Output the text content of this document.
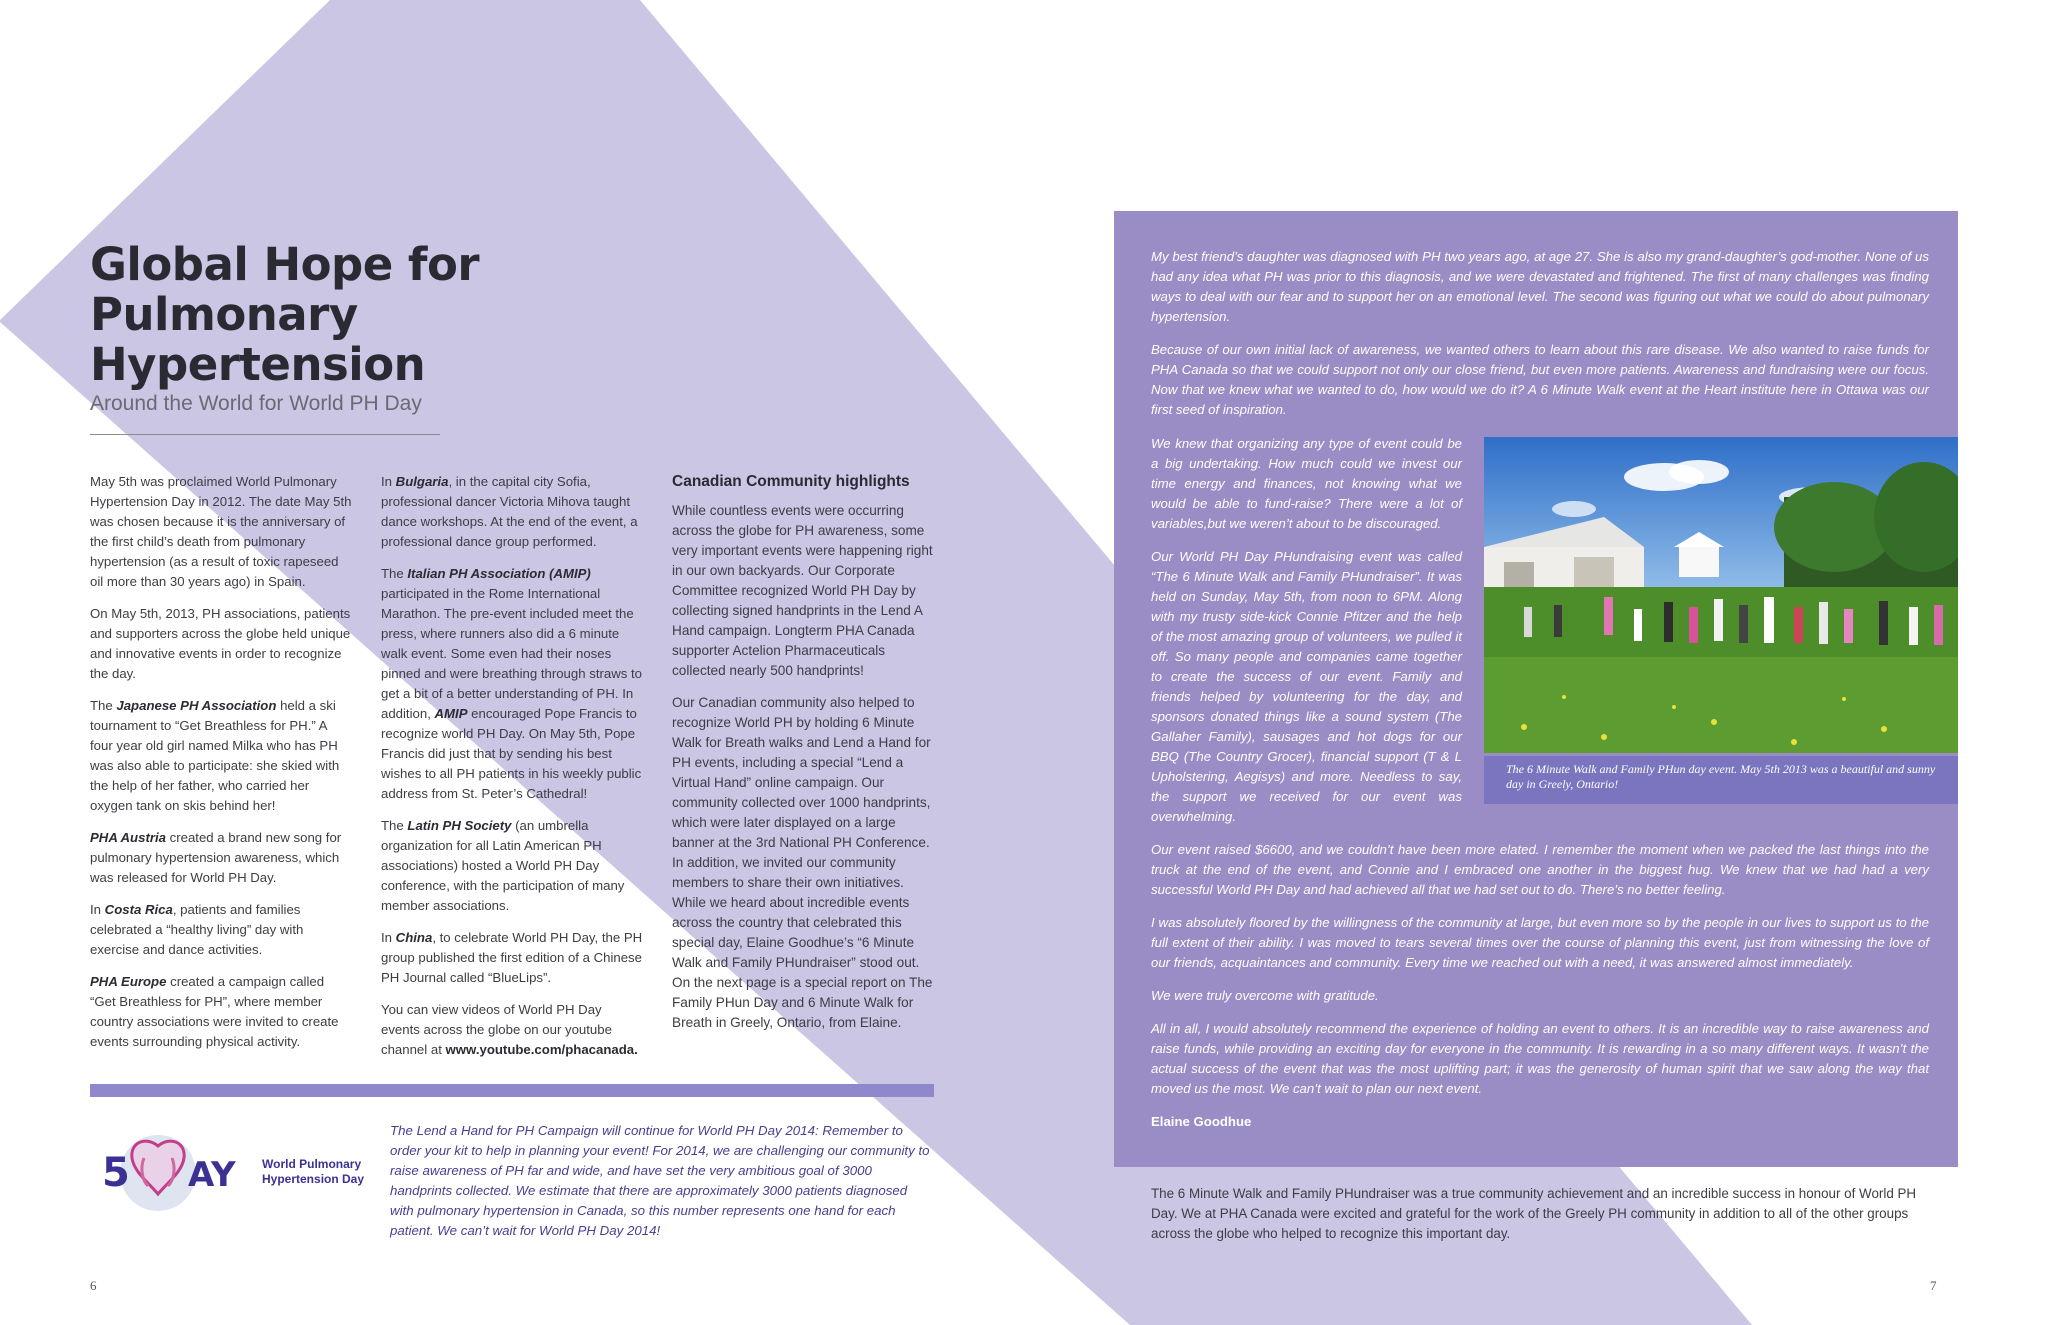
Global Hope for
Pulmonary Hypertension
Around the World for World PH Day

May 5th was proclaimed World Pulmonary Hypertension Day in 2012. The date May 5th was chosen because it is the anniversary of the first child’s death from pulmonary hypertension (as a result of toxic rapeseed oil more than 30 years ago) in Spain.

On May 5th, 2013, PH associations, patients and supporters across the globe held unique and innovative events in order to recognize the day.

The Japanese PH Association held a ski tournament to “Get Breathless for PH.” A four year old girl named Milka who has PH was also able to participate: she skied with the help of her father, who carried her oxygen tank on skis behind her!

PHA Austria created a brand new song for pulmonary hypertension awareness, which was released for World PH Day.

In Costa Rica, patients and families celebrated a “healthy living” day with exercise and dance activities.

PHA Europe created a campaign called “Get Breathless for PH”, where member country associations were invited to create events surrounding physical activity.

In Bulgaria, in the capital city Sofia, professional dancer Victoria Mihova taught dance workshops. At the end of the event, a professional dance group performed.

The Italian PH Association (AMIP) participated in the Rome International Marathon. The pre-event included meet the press, where runners also did a 6 minute walk event. Some even had their noses pinned and were breathing through straws to get a bit of a better understanding of PH. In addition, AMIP encouraged Pope Francis to recognize world PH Day. On May 5th, Pope Francis did just that by sending his best wishes to all PH patients in his weekly public address from St. Peter’s Cathedral!

The Latin PH Society (an umbrella organization for all Latin American PH associations) hosted a World PH Day conference, with the participation of many member associations.

In China, to celebrate World PH Day, the PH group published the first edition of a Chinese PH Journal called “BlueLips”.

You can view videos of World PH Day events across the globe on our youtube channel at www.youtube.com/phacanada.

Canadian Community highlights

While countless events were occurring across the globe for PH awareness, some very important events were happening right in our own backyards. Our Corporate Committee recognized World PH Day by collecting signed handprints in the Lend A Hand campaign. Longterm PHA Canada supporter Actelion Pharmaceuticals collected nearly 500 handprints!

Our Canadian community also helped to recognize World PH by holding 6 Minute Walk for Breath walks and Lend a Hand for PH events, including a special “Lend a Virtual Hand” online campaign. Our community collected over 1000 handprints, which were later displayed on a large banner at the 3rd National PH Conference. In addition, we invited our community members to share their own initiatives. While we heard about incredible events across the country that celebrated this special day, Elaine Goodhue’s “6 Minute Walk and Family PHundraiser” stood out. On the next page is a special report on The Family PHun Day and 6 Minute Walk for Breath in Greely, Ontario, from Elaine.

5 AY World Pulmonary
Hypertension Day
The Lend a Hand for PH Campaign will continue for World PH Day 2014: Remember to order your kit to help in planning your event! For 2014, we are challenging our community to raise awareness of PH far and wide, and have set the very ambitious goal of 3000 handprints collected. We estimate that there are approximately 3000 patients diagnosed with pulmonary hypertension in Canada, so this number represents one hand for each patient. We can’t wait for World PH Day 2014!
6

My best friend’s daughter was diagnosed with PH two years ago, at age 27. She is also my grand-daughter’s god-mother. None of us had any idea what PH was prior to this diagnosis, and we were devastated and frightened. The first of many challenges was finding ways to deal with our fear and to support her on an emotional level. The second was figuring out what we could do about pulmonary hypertension.

Because of our own initial lack of awareness, we wanted others to learn about this rare disease. We also wanted to raise funds for PHA Canada so that we could support not only our close friend, but even more patients. Awareness and fundraising were our focus. Now that we knew what we wanted to do, how would we do it? A 6 Minute Walk event at the Heart institute here in Ottawa was our first seed of inspiration.

We knew that organizing any type of event could be a big undertaking. How much could we invest our time energy and finances, not knowing what we would be able to fund-raise? There were a lot of variables,but we weren’t about to be discouraged.

Our World PH Day PHundraising event was called “The 6 Minute Walk and Family PHundraiser”. It was held on Sunday, May 5th, from noon to 6PM. Along with my trusty side-kick Connie Pfitzer and the help of the most amazing group of volunteers, we pulled it off. So many people and companies came together to create the success of our event. Family and friends helped by volunteering for the day, and sponsors donated things like a sound system (The Gallaher Family), sausages and hot dogs for our BBQ (The Country Grocer), financial support (T & L Upholstering, Aegisys) and more. Needless to say, the support we received for our event was overwhelming.

The 6 Minute Walk and Family PHun day event. May 5th 2013 was a beautiful and sunny day in Greely, Ontario!

Our event raised $6600, and we couldn’t have been more elated. I remember the moment when we packed the last things into the truck at the end of the event, and Connie and I embraced one another in the biggest hug. We knew that we had had a very successful World PH Day and had achieved all that we had set out to do. There’s no better feeling.

I was absolutely floored by the willingness of the community at large, but even more so by the people in our lives to support us to the full extent of their ability. I was moved to tears several times over the course of planning this event, just from witnessing the love of our friends, acquaintances and community. Every time we reached out with a need, it was answered almost immediately.

We were truly overcome with gratitude.

All in all, I would absolutely recommend the experience of holding an event to others. It is an incredible way to raise awareness and raise funds, while providing an exciting day for everyone in the community. It is rewarding in a so many different ways. It wasn’t the actual success of the event that was the most uplifting part; it was the generosity of human spirit that we saw along the way that moved us the most. We can’t wait to plan our next event.

Elaine Goodhue

The 6 Minute Walk and Family PHundraiser was a true community achievement and an incredible success in honour of World PH Day. We at PHA Canada were excited and grateful for the work of the Greely PH community in addition to all of the other groups across the globe who helped to recognize this important day.
7
